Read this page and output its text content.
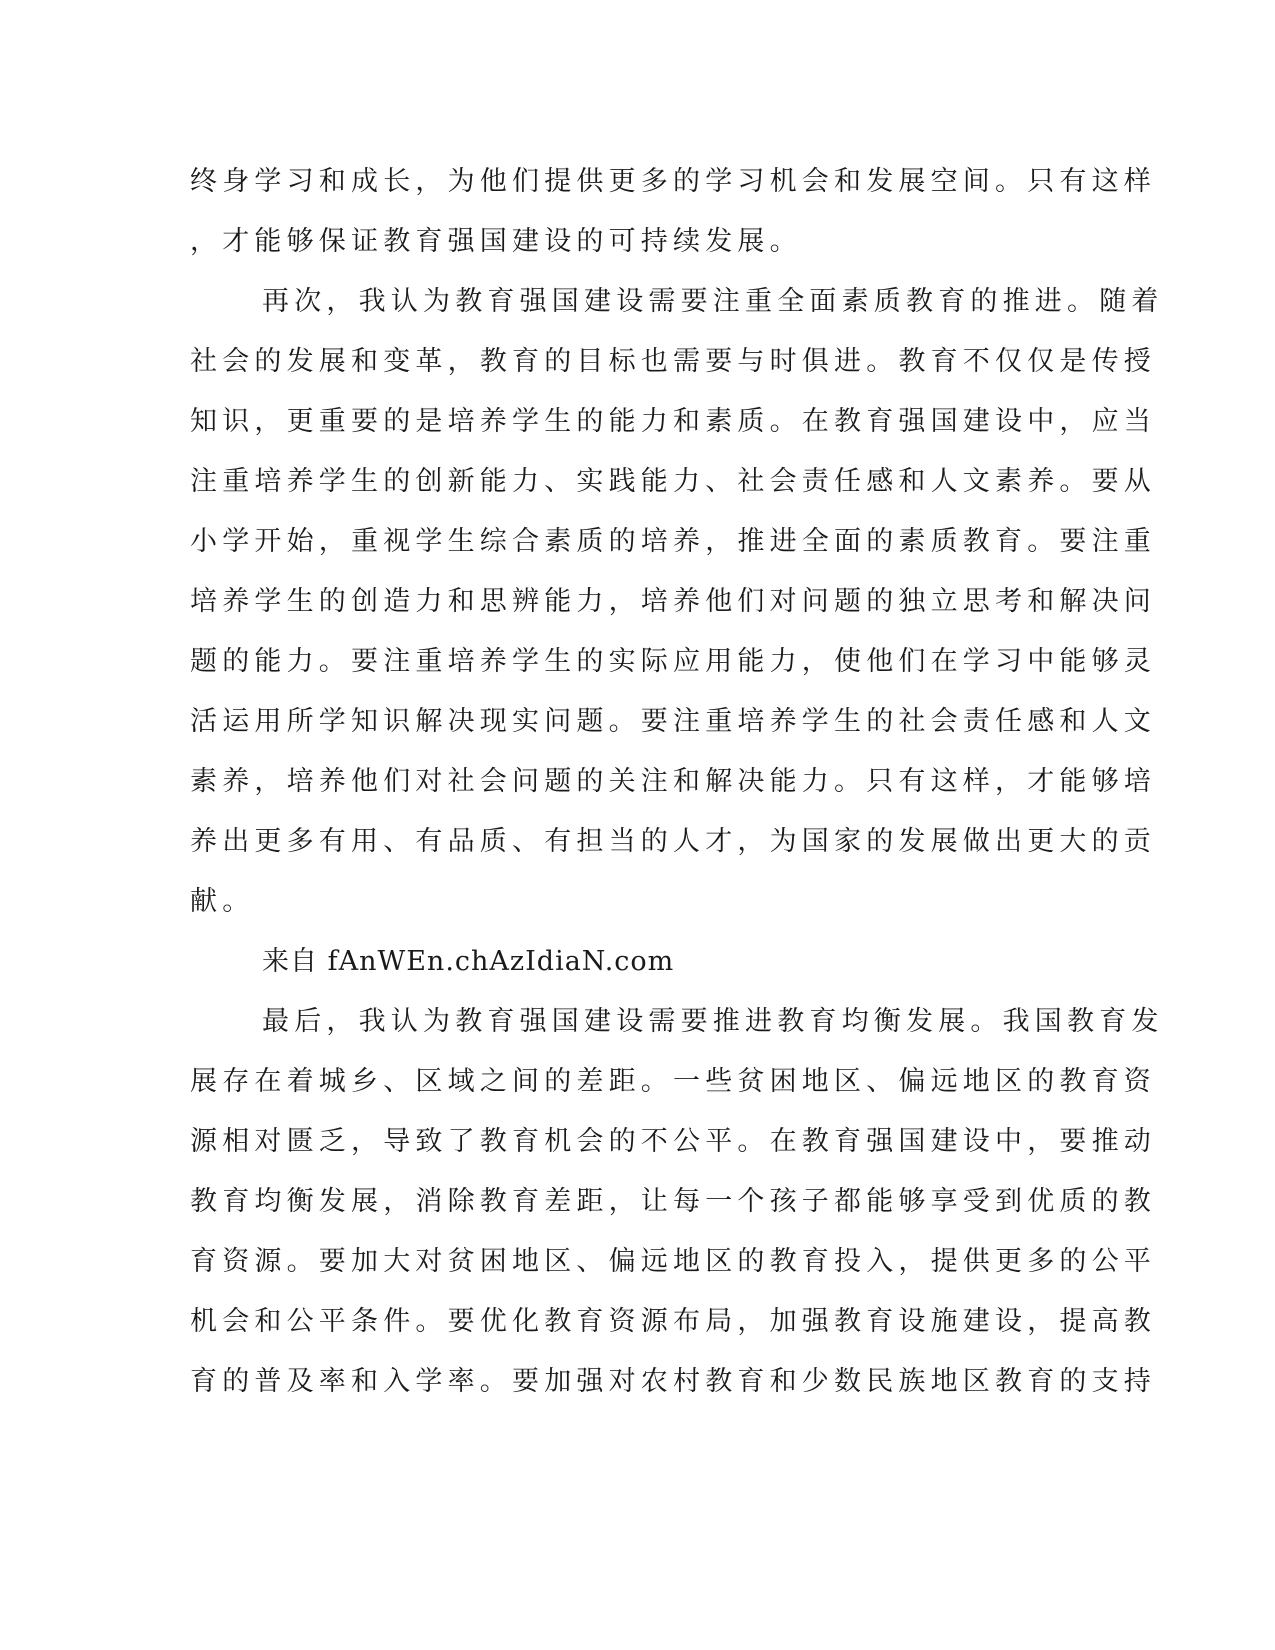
终身学习和成长，为他们提供更多的学习机会和发展空间。只有这样
，才能够保证教育强国建设的可持续发展。
再次，我认为教育强国建设需要注重全面素质教育的推进。随着
社会的发展和变革，教育的目标也需要与时俱进。教育不仅仅是传授
知识，更重要的是培养学生的能力和素质。在教育强国建设中，应当
注重培养学生的创新能力、实践能力、社会责任感和人文素养。要从
小学开始，重视学生综合素质的培养，推进全面的素质教育。要注重
培养学生的创造力和思辨能力，培养他们对问题的独立思考和解决问
题的能力。要注重培养学生的实际应用能力，使他们在学习中能够灵
活运用所学知识解决现实问题。要注重培养学生的社会责任感和人文
素养，培养他们对社会问题的关注和解决能力。只有这样，才能够培
养出更多有用、有品质、有担当的人才，为国家的发展做出更大的贡
献。
来自 fAnWEn.chAzIdiaN.com
最后，我认为教育强国建设需要推进教育均衡发展。我国教育发
展存在着城乡、区域之间的差距。一些贫困地区、偏远地区的教育资
源相对匮乏，导致了教育机会的不公平。在教育强国建设中，要推动
教育均衡发展，消除教育差距，让每一个孩子都能够享受到优质的教
育资源。要加大对贫困地区、偏远地区的教育投入，提供更多的公平
机会和公平条件。要优化教育资源布局，加强教育设施建设，提高教
育的普及率和入学率。要加强对农村教育和少数民族地区教育的支持
